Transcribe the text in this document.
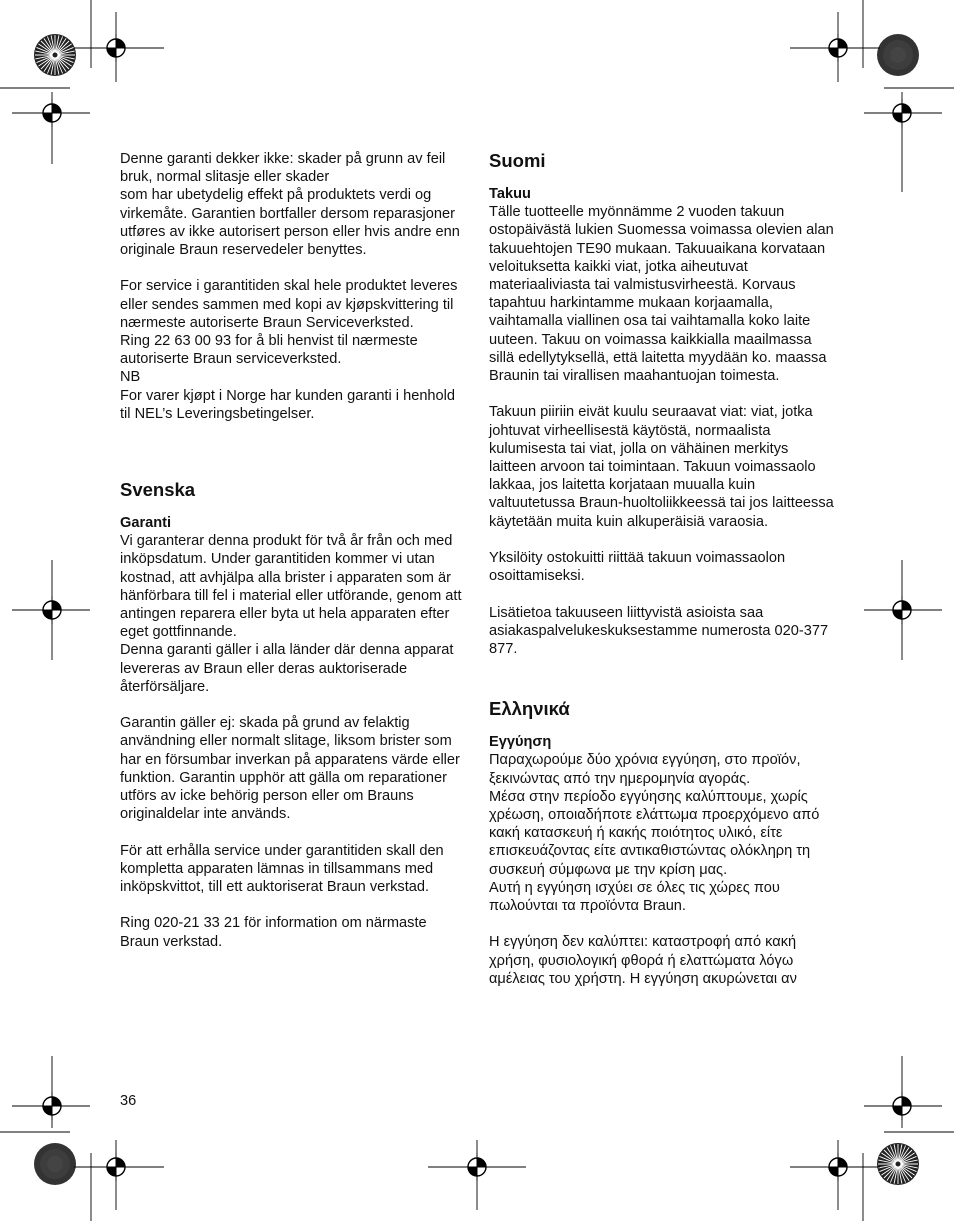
Denne garanti dekker ikke: skader på grunn av feil bruk, normal slitasje eller skader
som har ubetydelig effekt på produktets verdi og virkemåte. Garantien bortfaller dersom reparasjoner utføres av ikke autorisert person eller hvis andre enn originale Braun reservedeler benyttes.

For service i garantitiden skal hele produktet leveres eller sendes sammen med kopi av kjøpskvittering til nærmeste autoriserte Braun Serviceverksted.
Ring 22 63 00 93 for å bli henvist til nærmeste autoriserte Braun serviceverksted.
NB
For varer kjøpt i Norge har kunden garanti i henhold til NEL’s Leveringsbetingelser.

Svenska
Garanti

Vi garanterar denna produkt för två år från och med inköpsdatum. Under garantitiden kommer vi utan kostnad, att avhjälpa alla brister i apparaten som är hänförbara till fel i material eller utförande, genom att antingen reparera eller byta ut hela apparaten efter eget gottfinnande.
Denna garanti gäller i alla länder där denna apparat levereras av Braun eller deras auktoriserade återförsäljare.

Garantin gäller ej: skada på grund av felaktig användning eller normalt slitage, liksom brister som har en försumbar inverkan på apparatens värde eller funktion. Garantin upphör att gälla om reparationer utförs av icke behörig person eller om Brauns originaldelar inte används.

För att erhålla service under garantitiden skall den kompletta apparaten lämnas in tillsammans med inköpskvittot, till ett auktoriserat Braun verkstad.

Ring 020-21 33 21 för information om närmaste Braun verkstad.

Suomi
Takuu

Tälle tuotteelle myönnämme 2 vuoden takuun ostopäivästä lukien Suomessa voimassa olevien alan takuuehtojen TE90 mukaan. Takuuaikana korvataan veloituksetta kaikki viat, jotka aiheutuvat materiaaliviasta tai valmistusvirheestä. Korvaus tapahtuu harkintamme mukaan korjaamalla, vaihtamalla viallinen osa tai vaihtamalla koko laite uuteen. Takuu on voimassa kaikkialla maailmassa sillä edellytyksellä, että laitetta myydään ko. maassa Braunin tai virallisen maahantuojan toimesta.

Takuun piiriin eivät kuulu seuraavat viat: viat, jotka johtuvat virheellisestä käytöstä, normaalista kulumisesta tai viat, jolla on vähäinen merkitys laitteen arvoon tai toimintaan. Takuun voimassaolo lakkaa, jos laitetta korjataan muualla kuin valtuutetussa Braun-huoltoliikkeessä tai jos laitteessa käytetään muita kuin alkuperäisiä varaosia.

Yksilöity ostokuitti riittää takuun voimassaolon osoittamiseksi.

Lisätietoa takuuseen liittyvistä asioista saa asiakaspalvelukeskuksestamme numerosta 020-377 877.

Ελληνικά
Εγγύηση

Παραχωρούμε δύο χρόνια εγγύηση, στο προϊόν, ξεκινώντας από την ημερομηνία αγοράς.
Μέσα στην περίοδο εγγύησης καλύπτουμε, χωρίς χρέωση, οποιαδήποτε ελάττωμα προερχόμενο από κακή κατασκευή ή κακής ποιότητος υλικό, είτε επισκευάζοντας είτε αντικαθιστώντας ολόκληρη τη συσκευή σύμφωνα με την κρίση μας.
Αυτή η εγγύηση ισχύει σε όλες τις χώρες που πωλούνται τα προϊόντα Braun.

Η εγγύηση δεν καλύπτει: καταστροφή από κακή χρήση, φυσιολογική φθορά ή ελαττώματα λόγω αμέλειας του χρήστη. Η εγγύηση ακυρώνεται αν

36
